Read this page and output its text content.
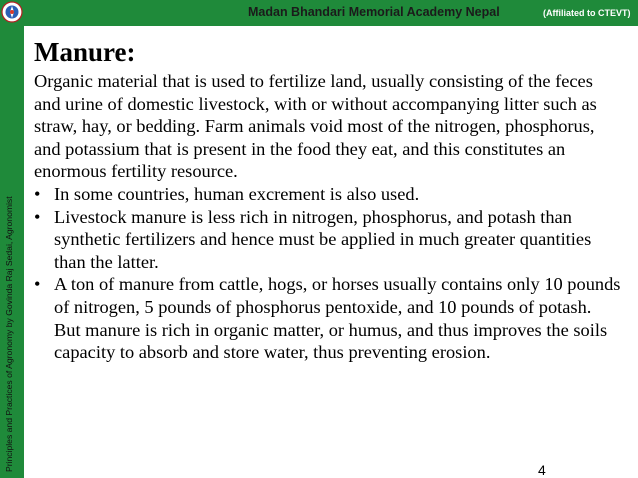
Madan Bhandari Memorial Academy Nepal	(Affiliated to CTEVT)
Principles and Practices of Agronomy by Govinda Raj Sedai, Agronomist
Manure:

Organic material that is used to fertilize land, usually consisting of the feces and urine of domestic livestock, with or without accompanying litter such as straw, hay, or bedding. Farm animals void most of the nitrogen, phosphorus, and potassium that is present in the food they eat, and this constitutes an enormous fertility resource.

• In some countries, human excrement is also used.
• Livestock manure is less rich in nitrogen, phosphorus, and potash than synthetic fertilizers and hence must be applied in much greater quantities than the latter.
• A ton of manure from cattle, hogs, or horses usually contains only 10 pounds of nitrogen, 5 pounds of phosphorus pentoxide, and 10 pounds of potash. But manure is rich in organic matter, or humus, and thus improves the soils capacity to absorb and store water, thus preventing erosion.
4
